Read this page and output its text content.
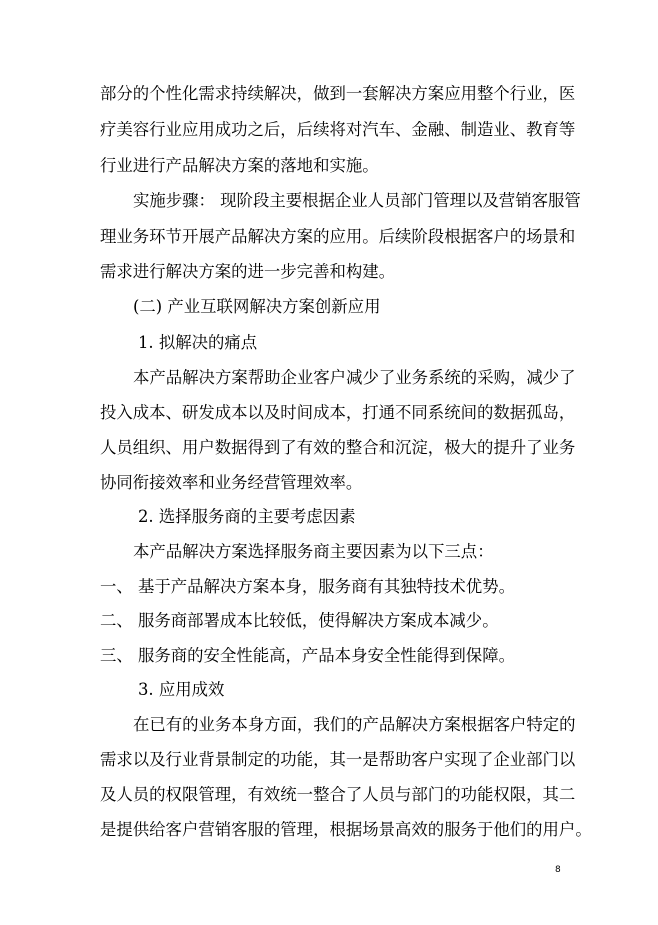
部分的个性化需求持续解决，做到一套解决方案应用整个行业，医
疗美容行业应用成功之后，后续将对汽车、金融、制造业、教育等
行业进行产品解决方案的落地和实施。
实施步骤： 现阶段主要根据企业人员部门管理以及营销客服管
理业务环节开展产品解决方案的应用。后续阶段根据客户的场景和
需求进行解决方案的进一步完善和构建。
(二) 产业互联网解决方案创新应用
1. 拟解决的痛点
本产品解决方案帮助企业客户减少了业务系统的采购，减少了
投入成本、研发成本以及时间成本，打通不同系统间的数据孤岛，
人员组织、用户数据得到了有效的整合和沉淀，极大的提升了业务
协同衔接效率和业务经营管理效率。
2. 选择服务商的主要考虑因素
本产品解决方案选择服务商主要因素为以下三点：
一、 基于产品解决方案本身，服务商有其独特技术优势。
二、 服务商部署成本比较低，使得解决方案成本减少。
三、 服务商的安全性能高，产品本身安全性能得到保障。
3. 应用成效
在已有的业务本身方面，我们的产品解决方案根据客户特定的
需求以及行业背景制定的功能，其一是帮助客户实现了企业部门以
及人员的权限管理，有效统一整合了人员与部门的功能权限，其二
是提供给客户营销客服的管理，根据场景高效的服务于他们的用户。
8
